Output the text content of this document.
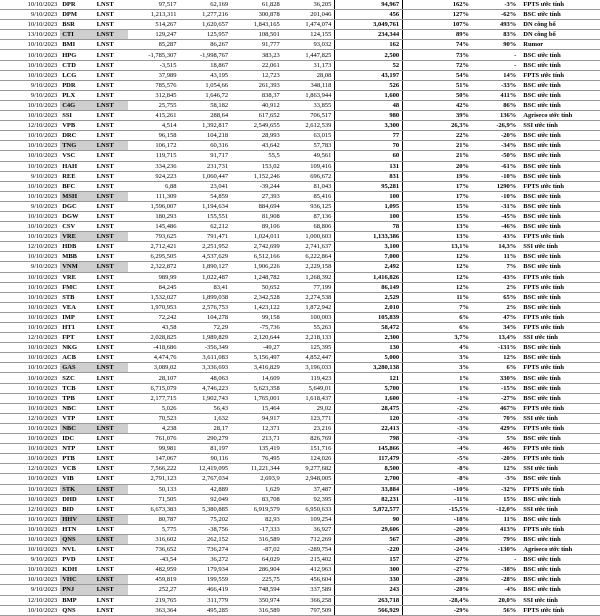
10/10/2023	DPR	LNST	97,517	62,169	61,828	36,205	94,967	162%	-3%	FPTS ước tính
9/10/2023	DPM	LNST	1,213,311	1,277,216	300,878	201,046	456	127%	-62%	BSC ước tính
10/10/2023	BSR	LNST	514,267	1,620,657	1,843,165	1,474,074	3,049,761	107%	493%	DN công bố
13/10/2023	CTI	LNST	129,247	125,957	108,501	124,155	234,344	89%	83%	DN công bố
10/10/2023	BMI	LNST	85,287	86,267	91,777	93,032	162	74%	90%	Rumor
10/10/2023	HPG	LNST	-1,785,307	-1,998,767	383,23	1,447,825	2,500	73%	-	BSC ước tính
10/10/2023	CTD	LNST	-3,515	18,867	22,061	31,173	52	72%	-	BSC ước tính
10/10/2023	LCG	LNST	37,989	43,195	12,723	28,08	43,197	54%	14%	FPTS ước tính
9/10/2023	PDR	LNST	785,576	1,054,66	261,393	348,118	526	51%	-33%	BSC ước tính
9/10/2023	PLX	LNST	312,845	1,646,72	838,37	1,863,944	1,600	50%	411%	BSC ước tính
10/10/2023	C4G	LNST	25,755	58,182	40,912	33,855	48	42%	86%	BSC ước tính
10/10/2023	SSI	LNST	415,261	288,64	617,652	706,517	980	39%	136%	Agriseco ước tính
12/10/2023	VPB	LNST	4,514	1,392,817	2,549,655	2,612,539	3,300	26,3%	-26,9%	SSI ước tính
10/10/2023	DRC	LNST	96,158	104,218	28,993	63,015	77	22%	-20%	BSC ước tính
10/10/2023	TNG	LNST	106,172	60,316	43,642	57,783	70	21%	-34%	BSC ước tính
10/10/2023	VSC	LNST	119,715	91,717	55,5	49,561	60	21%	-50%	BSC ước tính
10/10/2023	HAH	LNST	334,236	231,731	153,02	109,416	131	20%	-61%	BSC ước tính
9/10/2023	REE	LNST	924,223	1,060,447	1,152,246	696,672	831	19%	-10%	BSC ước tính
10/10/2023	BFC	LNST	6,88	23,041	-39,244	81,043	95,281	17%	1290%	FPTS ước tính
10/10/2023	MSH	LNST	111,309	54,859	27,393	85,416	100	17%	-10%	BSC ước tính
9/10/2023	DGC	LNST	1,596,007	1,194,634	884,694	936,125	1,095	15%	-31%	BSC ước tính
10/10/2023	DGW	LNST	180,293	155,551	81,908	87,136	100	15%	-45%	BSC ước tính
10/10/2023	CSV	LNST	145,486	62,212	89,106	68,806	78	13%	-46%	BSC ước tính
10/10/2023	VRE	LNST	793,625	791,471	1,024,011	1,000,603	1,133,386	13%	43%	FPTS ước tính
12/10/2023	HDB	LNST	2,712,421	2,251,952	2,742,699	2,741,637	3,100	13,1%	14,3%	SSI ước tính
10/10/2023	MBB	LNST	6,295,505	4,537,629	6,512,166	6,222,864	7,000	12%	11%	BSC ước tính
9/10/2023	VNM	LNST	2,322,872	1,890,127	1,906,226	2,229,158	2,492	12%	7%	BSC ước tính
10/10/2023	VRE	LNST	989,99	1,022,487	1,248,782	1,268,392	1,416,826	12%	43%	FPTS ước tính
10/10/2023	FMC	LNST	84,245	83,41	50,652	77,199	86,149	12%	2%	FPTS ước tính
10/10/2023	STB	LNST	1,532,027	1,899,038	2,342,528	2,274,538	2,529	11%	65%	BSC ước tính
10/10/2023	VEA	LNST	1,970,953	2,576,753	1,423,122	1,872,942	2,010	7%	2%	BSC ước tính
10/10/2023	IMP	LNST	72,242	104,278	99,158	100,003	105,839	6%	47%	FPTS ước tính
10/10/2023	HT1	LNST	43,58	72,29	-75,736	55,263	58,472	6%	34%	FPTS ước tính
12/10/2023	FPT	LNST	2,028,825	1,989,829	2,120,644	2,218,133	2,300	3,7%	13,4%	SSI ước tính
10/10/2023	NKG	LNST	-418,686	-356,349	-49,27	125,395	130	4%	-131%	BSC ước tính
10/10/2023	ACB	LNST	4,474,76	3,611,083	5,156,497	4,852,447	5,000	3%	12%	BSC ước tính
10/10/2023	GAS	LNST	3,089,02	3,336,693	3,416,829	3,196,033	3,280,138	3%	6%	FPTS ước tính
10/10/2023	SZC	LNST	28,107	48,063	14,609	119,423	121	1%	330%	BSC ước tính
10/10/2023	TCB	LNST	6,715,079	4,746,223	5,623,358	5,649,01	5,700	1%	-15%	BSC ước tính
10/10/2023	TPB	LNST	2,177,715	1,902,743	1,765,001	1,618,437	1,600	-1%	-27%	BSC ước tính
10/10/2023	NBC	LNST	5,026	56,43	15,464	29,02	28,475	-2%	467%	FPTS ước tính
12/10/2023	VTP	LNST	70,523	1,632	94,917	123,771	120	-3%	70%	SSI ước tính
10/10/2023	NBC	LNST	4,238	28,17	12,371	23,216	22,413	-3%	429%	FPTS ước tính
10/10/2023	IDC	LNST	761,076	290,279	213,71	826,769	798	-3%	5%	BSC ước tính
10/10/2023	NTP	LNST	99,981	81,197	135,419	151,716	145,866	-4%	46%	FPTS ước tính
10/10/2023	PTB	LNST	147,067	90,116	76,495	124,026	117,479	-5%	-20%	FPTS ước tính
12/10/2023	VCB	LNST	7,566,222	12,419,095	11,221,344	9,277,682	8,500	-8%	12%	SSI ước tính
10/10/2023	VIB	LNST	2,791,123	2,767,034	2,693,9	2,948,005	2,700	-8%	-3%	BSC ước tính
10/10/2023	STK	LNST	50,133	42,889	1,629	37,487	33,884	-10%	-32%	FPTS ước tính
10/10/2023	DHD	LNST	71,505	92,049	83,708	92,395	82,231	-11%	15%	BSC ước tính
12/10/2023	BID	LNST	6,673,383	5,380,885	6,919,579	6,950,633	5,872,577	-15,5%	-12,0%	SSI ước tính
10/10/2023	HHV	LNST	80,787	75,202	82,93	109,254	90	-18%	11%	BSC ước tính
10/10/2023	HTN	LNST	5,775	-38,756	-17,333	36,927	29,606	-20%	413%	FPTS ước tính
10/10/2023	QNS	LNST	316,602	262,152	316,589	712,269	567	-20%	79%	BSC ước tính
10/10/2023	NVL	LNST	736,652	736,274	-87,02	-289,754	-220	-24%	-130%	Agriseco ước tính
9/10/2023	PVD	LNST	-43,54	36,272	64,029	215,402	157	-27%	-	BSC ước tính
10/10/2023	KDH	LNST	482,959	179,934	286,904	412,963	300	-27%	-38%	BSC ước tính
10/10/2023	VHC	LNST	459,819	199,559	225,75	456,604	330	-28%	-28%	BSC ước tính
9/10/2023	PNJ	LNST	252,27	466,419	748,594	337,589	243	-28%	-4%	BSC ước tính
12/10/2023	BMP	LNST	219,765	311,779	350,974	366,258	263,718	-28,4%	20,0%	SSI ước tính
10/10/2023	QNS	LNST	363,364	495,285	316,589	797,509	566,929	-29%	56%	FPTS ước tính
